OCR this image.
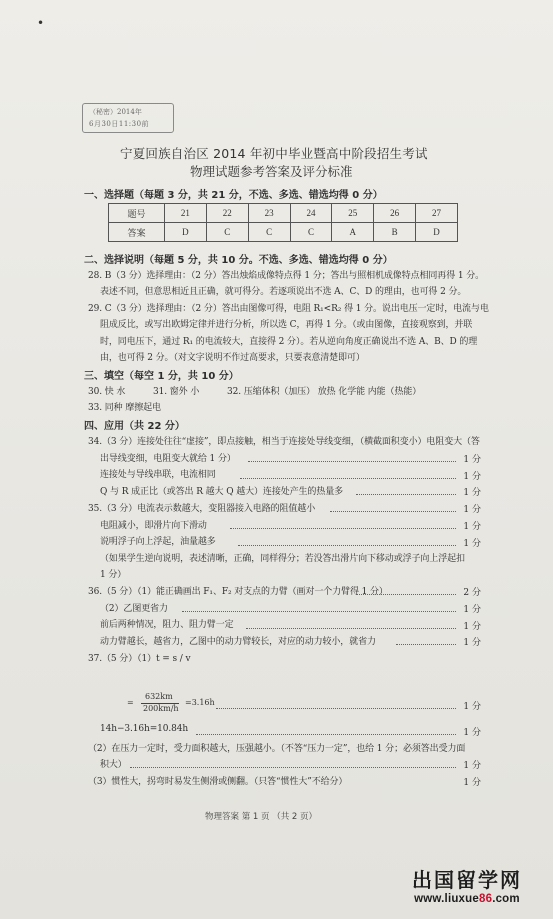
•
（秘密）2014年
6月30日11:30前
宁夏回族自治区 2014 年初中毕业暨高中阶段招生考试
物理试题参考答案及评分标准
一、选择题（每题 3 分，共 21 分，不选、多选、错选均得 0 分）
题号	21	22	23	24	25	26	27
答案	D	C	C	C	A	B	D
二、选择说明（每题 5 分，共 10 分。不选、多选、错选均得 0 分）
28. B（3 分）选择理由：（2 分）答出烛焰成像特点得 1 分；答出与照相机成像特点相同再得 1 分。
表述不同，但意思相近且正确，就可得分。若逐项说出不选 A、C、D 的理由，也可得 2 分。
29. C（3 分）选择理由：（2 分）答出由图像可得，电阻 R₁<R₂ 得 1 分。说出电压一定时，电流与电
阻成反比，或写出欧姆定律并进行分析，所以选 C，再得 1 分。（或由图像，直接观察到，并联
时，同电压下，通过 R₁ 的电流较大，直接得 2 分）。若从逆向角度正确说出不选 A、B、D 的理
由，也可得 2 分。（对文字说明不作过高要求，只要表意清楚即可）
三、填空（每空 1 分，共 10 分）
30. 快 水	31. 窗外 小	32. 压缩体积（加压） 放热 化学能 内能（热能）
33. 同种 摩擦起电
四、应用（共 22 分）
34.（3 分）连接处往往“虚接”，即点接触，相当于连接处导线变细，（横截面积变小）电阻变大（答
出导线变细，电阻变大就给 1 分）	1 分
连接处与导线串联，电流相同	1 分
Q 与 R 成正比（或答出 R 越大 Q 越大）连接处产生的热量多	1 分
35.（3 分）电流表示数越大，变阻器接入电路的阻值越小	1 分
电阻减小，即滑片向下滑动	1 分
说明浮子向上浮起，油量越多	1 分
（如果学生逆向说明，表述清晰，正确，同样得分；若没答出滑片向下移动或浮子向上浮起扣
1 分）
36.（5 分）（1）能正确画出 F₁、F₂ 对支点的力臂（画对一个力臂得 1 分）	2 分
（2）乙图更省力	1 分
前后两种情况，阻力、阻力臂一定	1 分
动力臂越长，越省力，乙图中的动力臂较长，对应的动力较小，就省力	1 分
37.（5 分）（1）t = s / v
=
632km
200km/h
=3.16h	1 分
14h−3.16h=10.84h	1 分
（2）在压力一定时，受力面积越大，压强越小。（不答“压力一定”，也给 1 分；必须答出受力面
积大）	1 分
（3）惯性大，拐弯时易发生侧滑或侧翻。（只答“惯性大”不给分）	1 分
物理答案 第 1 页 （共 2 页）
出国留学网
www.liuxue86.com
